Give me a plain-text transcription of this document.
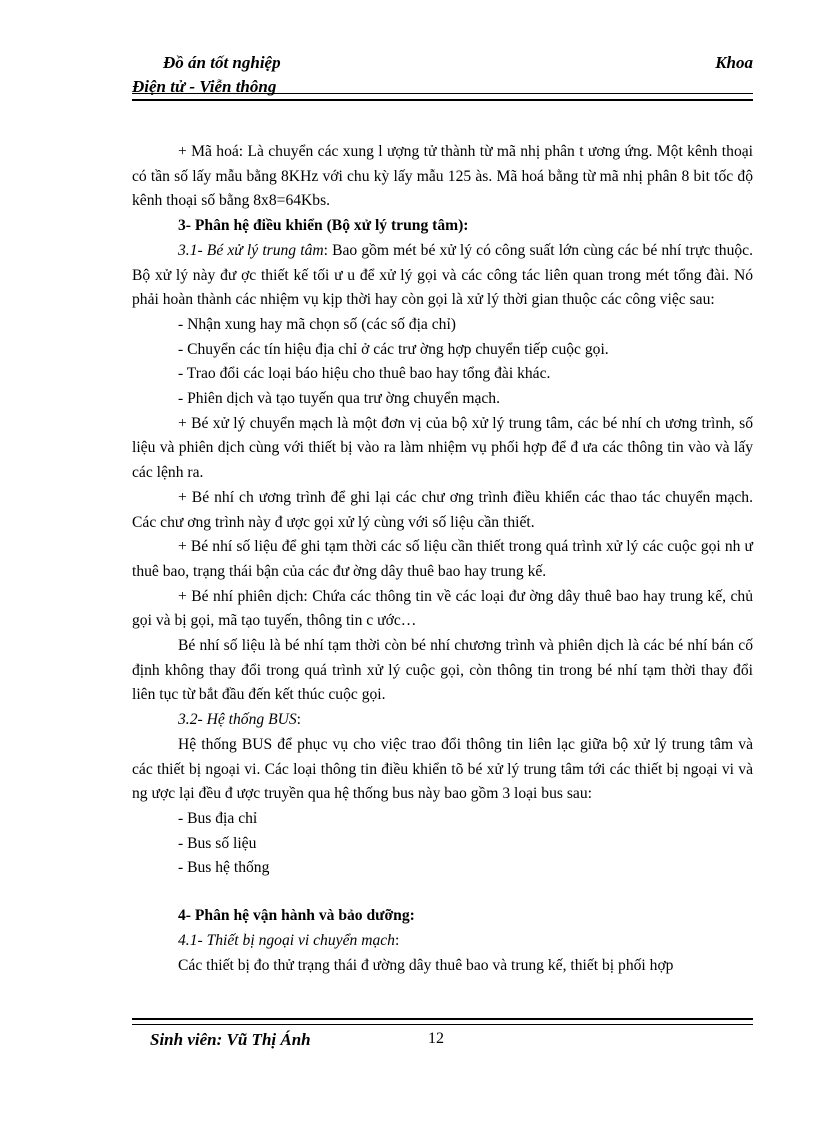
Đồ án tốt nghiệp
Điện tử - Viễn thông
Khoa

+ Mã hoá: Là chuyển các xung l ượng tử thành từ mã nhị phân t ương ứng. Một kênh thoại có tần số lấy mẫu bằng 8KHz với chu kỳ lấy mẫu 125 às. Mã hoá bằng từ mã nhị phân 8 bit tốc độ kênh thoại số bằng 8x8=64Kbs.

3- Phân hệ điều khiển (Bộ xử lý trung tâm):

3.1- Bé xử lý trung tâm: Bao gồm mét bé xử lý có công suất lớn cùng các bé nhí trực thuộc. Bộ xử lý này đư ợc thiết kế tối ư u để xử lý gọi và các công tác liên quan trong mét tổng đài. Nó phải hoàn thành các nhiệm vụ kịp thời hay còn gọi là xử lý thời gian thuộc các công việc sau:

- Nhận xung hay mã chọn số (các số địa chỉ)

- Chuyển các tín hiệu địa chỉ ở các trư ờng hợp chuyển tiếp cuộc gọi.

- Trao đổi các loại báo hiệu cho thuê bao hay tổng đài khác.

- Phiên dịch và tạo tuyến qua trư ờng chuyển mạch.

+ Bé xử lý chuyển mạch là một đơn vị của bộ xử lý trung tâm, các bé nhí ch ương trình, số liệu và phiên dịch cùng với thiết bị vào ra làm nhiệm vụ phối hợp để đ ưa các thông tin vào và lấy các lệnh ra.

+ Bé nhí ch ương trình để ghi lại các chư ơng trình điều khiển các thao tác chuyển mạch. Các chư ơng trình này đ ược gọi xử lý cùng với số liệu cần thiết.

+ Bé nhí số liệu để ghi tạm thời các số liệu cần thiết trong quá trình xử lý các cuộc gọi nh ư thuê bao, trạng thái bận của các đư ờng dây thuê bao hay trung kế.

+ Bé nhí phiên dịch: Chứa các thông tin về các loại đư ờng dây thuê bao hay trung kế, chủ gọi và bị gọi, mã tạo tuyến, thông tin c ước…

Bé nhí số liệu là bé nhí tạm thời còn bé nhí chương trình và phiên dịch là các bé nhí bán cố định không thay đổi trong quá trình xử lý cuộc gọi, còn thông tin trong bé nhí tạm thời thay đổi liên tục từ bắt đầu đến kết thúc cuộc gọi.

3.2- Hệ thống BUS:

Hệ thống BUS để phục vụ cho việc trao đổi thông tin liên lạc giữa bộ xử lý trung tâm và các thiết bị ngoại vi. Các loại thông tin điều khiển tõ bé xử lý trung tâm tới các thiết bị ngoại vi và ng ược lại đều đ ược truyền qua hệ thống bus này bao gồm 3 loại bus sau:

- Bus địa chỉ

- Bus số liệu

- Bus hệ thống

4- Phân hệ vận hành và bảo dưỡng:

4.1- Thiết bị ngoại vi chuyển mạch:

Các thiết bị đo thử trạng thái đ ường dây thuê bao và trung kế, thiết bị phối hợp

Sinh viên: Vũ Thị Ánh	12
